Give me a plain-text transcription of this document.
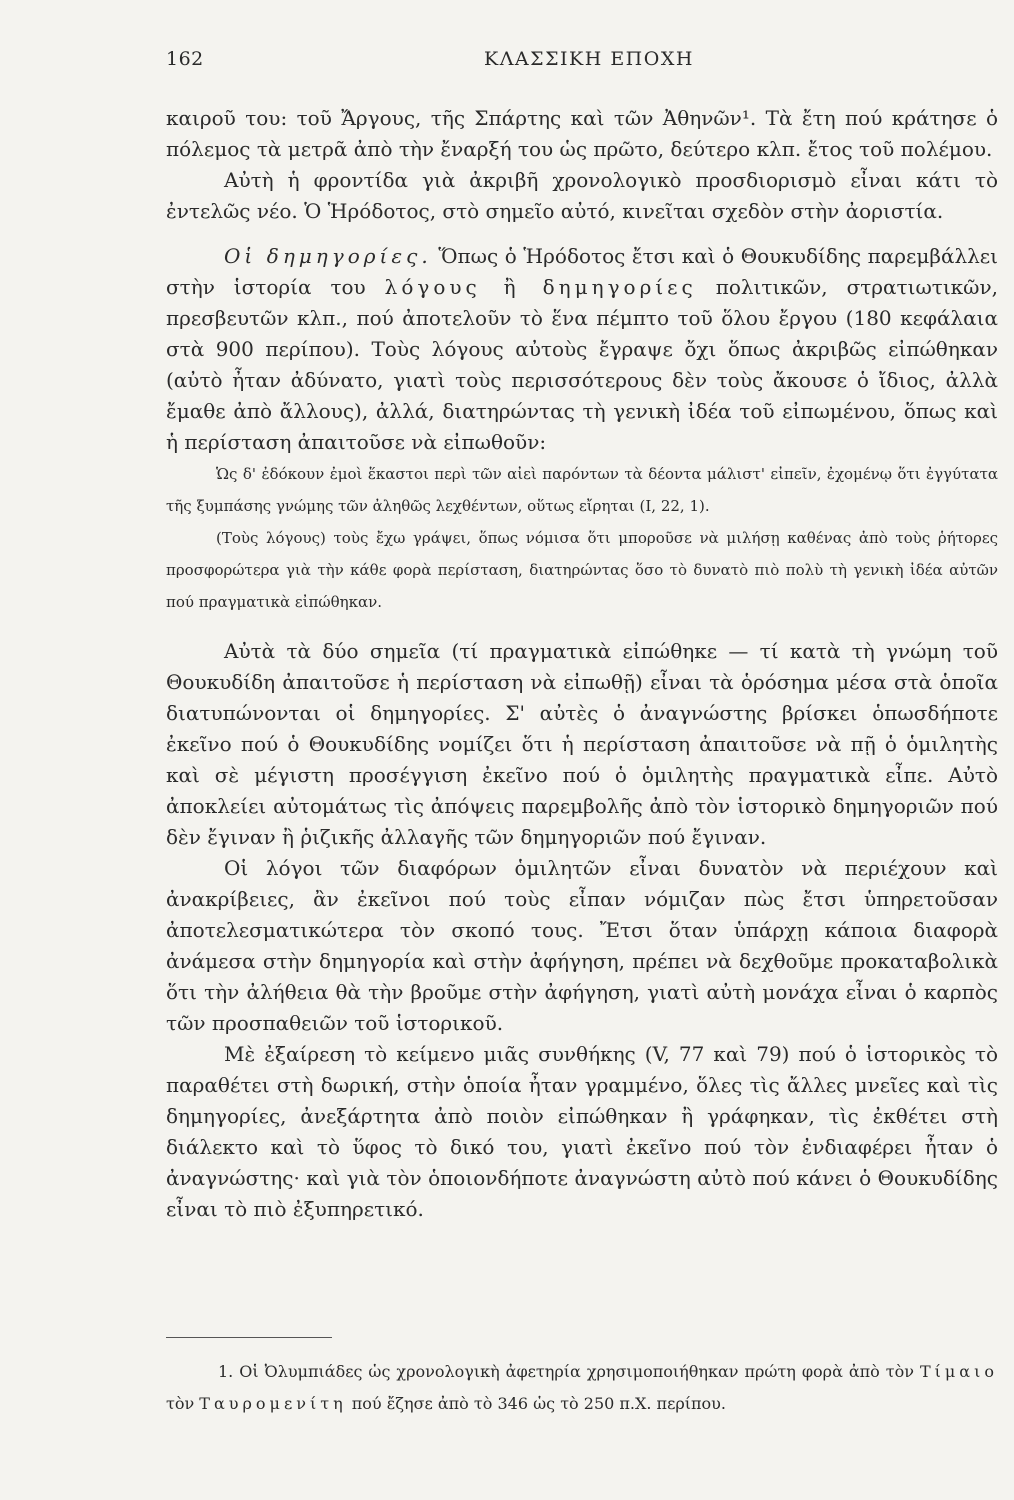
162	ΚΛΑΣΣΙΚΗ ΕΠΟΧΗ

καιροῦ του: τοῦ Ἄργους, τῆς Σπάρτης καὶ τῶν Ἀθηνῶν¹. Τὰ ἔτη πού κράτησε ὁ πόλεμος τὰ μετρᾶ ἀπὸ τὴν ἔναρξή του ὡς πρῶτο, δεύτερο κλπ. ἔτος τοῦ πολέμου.

Αὐτὴ ἡ φροντίδα γιὰ ἀκριβῆ χρονολογικὸ προσδιορισμὸ εἶναι κάτι τὸ ἐντελῶς νέο. Ὁ Ἡρόδοτος, στὸ σημεῖο αὐτό, κινεῖται σχεδὸν στὴν ἀοριστία.

Οἱ δημηγορίες. Ὅπως ὁ Ἡρόδοτος ἔτσι καὶ ὁ Θουκυδίδης παρεμβάλλει στὴν ἱστορία του λόγους ἢ δημηγορίες πολιτικῶν, στρατιωτικῶν, πρεσβευτῶν κλπ., πού ἀποτελοῦν τὸ ἕνα πέμπτο τοῦ ὅλου ἔργου (180 κεφάλαια στὰ 900 περίπου). Τοὺς λόγους αὐτοὺς ἔγραψε ὄχι ὅπως ἀκριβῶς εἰπώθηκαν (αὐτὸ ἦταν ἀδύνατο, γιατὶ τοὺς περισσότερους δὲν τοὺς ἄκουσε ὁ ἴδιος, ἀλλὰ ἔμαθε ἀπὸ ἄλλους), ἀλλά, διατηρώντας τὴ γενικὴ ἰδέα τοῦ εἰπωμένου, ὅπως καὶ ἡ περίσταση ἀπαιτοῦσε νὰ εἰπωθοῦν:

Ὡς δ' ἐδόκουν ἐμοὶ ἕκαστοι περὶ τῶν αἰεὶ παρόντων τὰ δέοντα μάλιστ' εἰπεῖν, ἐχομένῳ ὅτι ἐγγύτατα τῆς ξυμπάσης γνώμης τῶν ἀληθῶς λεχθέντων, οὕτως εἴρηται (Ι, 22, 1).

(Τοὺς λόγους) τοὺς ἔχω γράψει, ὅπως νόμισα ὅτι μποροῦσε νὰ μιλήσῃ καθένας ἀπὸ τοὺς ῥήτορες προσφορώτερα γιὰ τὴν κάθε φορὰ περίσταση, διατηρώντας ὅσο τὸ δυνατὸ πιὸ πολὺ τὴ γενικὴ ἰδέα αὐτῶν πού πραγματικὰ εἰπώθηκαν.

Αὐτὰ τὰ δύο σημεῖα (τί πραγματικὰ εἰπώθηκε — τί κατὰ τὴ γνώμη τοῦ Θουκυδίδη ἀπαιτοῦσε ἡ περίσταση νὰ εἰπωθῇ) εἶναι τὰ ὁρόσημα μέσα στὰ ὁποῖα διατυπώνονται οἱ δημηγορίες. Σ' αὐτὲς ὁ ἀναγνώστης βρίσκει ὁπωσδήποτε ἐκεῖνο πού ὁ Θουκυδίδης νομίζει ὅτι ἡ περίσταση ἀπαιτοῦσε νὰ πῇ ὁ ὁμιλητὴς καὶ σὲ μέγιστη προσέγγιση ἐκεῖνο πού ὁ ὁμιλητὴς πραγματικὰ εἶπε. Αὐτὸ ἀποκλείει αὐτομάτως τὶς ἀπόψεις παρεμβολῆς ἀπὸ τὸν ἱστορικὸ δημηγοριῶν πού δὲν ἔγιναν ἢ ῥιζικῆς ἀλλαγῆς τῶν δημηγοριῶν πού ἔγιναν.

Οἱ λόγοι τῶν διαφόρων ὁμιλητῶν εἶναι δυνατὸν νὰ περιέχουν καὶ ἀνακρίβειες, ἂν ἐκεῖνοι πού τοὺς εἶπαν νόμιζαν πὼς ἔτσι ὑπηρετοῦσαν ἀποτελεσματικώτερα τὸν σκοπό τους. Ἔτσι ὅταν ὑπάρχῃ κάποια διαφορὰ ἀνάμεσα στὴν δημηγορία καὶ στὴν ἀφήγηση, πρέπει νὰ δεχθοῦμε προκαταβολικὰ ὅτι τὴν ἀλήθεια θὰ τὴν βροῦμε στὴν ἀφήγηση, γιατὶ αὐτὴ μονάχα εἶναι ὁ καρπὸς τῶν προσπαθειῶν τοῦ ἱστορικοῦ.

Μὲ ἐξαίρεση τὸ κείμενο μιᾶς συνθήκης (V, 77 καὶ 79) πού ὁ ἱστορικὸς τὸ παραθέτει στὴ δωρική, στὴν ὁποία ἦταν γραμμένο, ὅλες τὶς ἄλλες μνεῖες καὶ τὶς δημηγορίες, ἀνεξάρτητα ἀπὸ ποιὸν εἰπώθηκαν ἢ γράφηκαν, τὶς ἐκθέτει στὴ διάλεκτο καὶ τὸ ὕφος τὸ δικό του, γιατὶ ἐκεῖνο πού τὸν ἐνδιαφέρει ἦταν ὁ ἀναγνώστης· καὶ γιὰ τὸν ὁποιονδήποτε ἀναγνώστη αὐτὸ πού κάνει ὁ Θουκυδίδης εἶναι τὸ πιὸ ἐξυπηρετικό.

1. Οἱ Ὀλυμπιάδες ὡς χρονολογικὴ ἀφετηρία χρησιμοποιήθηκαν πρώτη φορὰ ἀπὸ τὸν Τίμαιο τὸν Ταυρομενίτη πού ἔζησε ἀπὸ τὸ 346 ὡς τὸ 250 π.Χ. περίπου.
